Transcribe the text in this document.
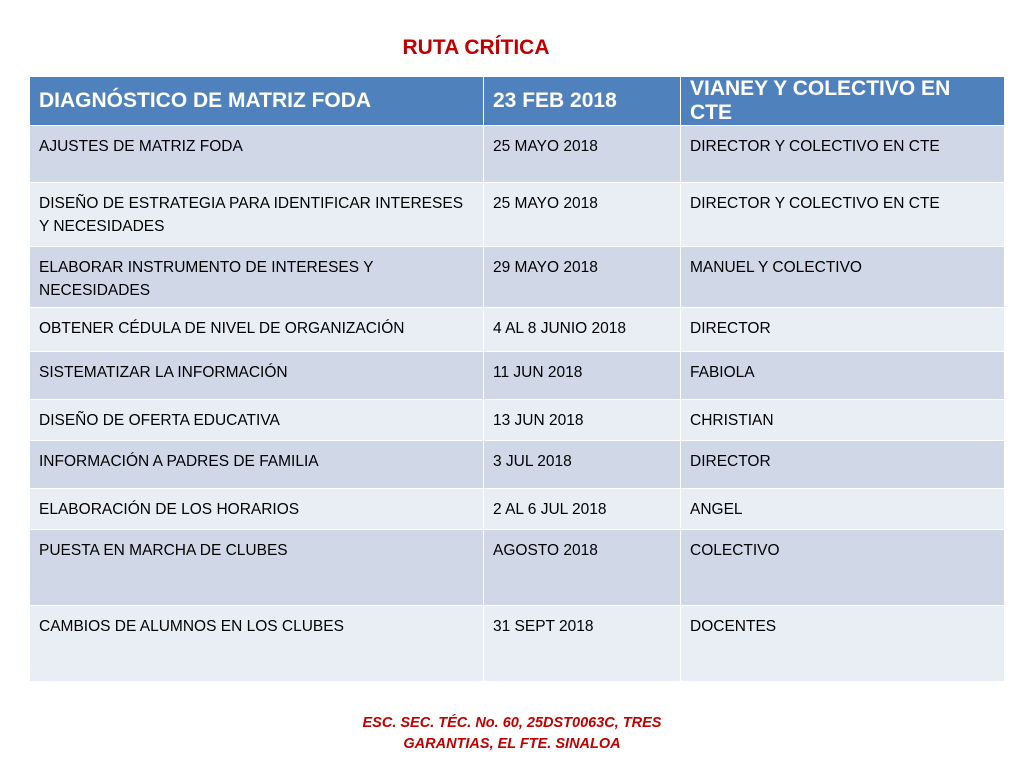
RUTA CRÍTICA
DIAGNÓSTICO DE MATRIZ FODA	23 FEB 2018	VIANEY Y COLECTIVO EN CTE
AJUSTES DE MATRIZ FODA	25 MAYO 2018	DIRECTOR Y COLECTIVO EN CTE
DISEÑO DE ESTRATEGIA PARA IDENTIFICAR INTERESES Y NECESIDADES	25 MAYO 2018	DIRECTOR Y COLECTIVO EN CTE
ELABORAR INSTRUMENTO DE INTERESES Y NECESIDADES	29 MAYO 2018	MANUEL Y COLECTIVO
OBTENER CÉDULA DE NIVEL DE ORGANIZACIÓN	4 AL 8 JUNIO 2018	DIRECTOR
SISTEMATIZAR LA INFORMACIÓN	11 JUN 2018	FABIOLA
DISEÑO DE OFERTA EDUCATIVA	13 JUN 2018	CHRISTIAN
INFORMACIÓN A PADRES DE FAMILIA	3 JUL 2018	DIRECTOR
ELABORACIÓN DE LOS HORARIOS	2 AL 6 JUL 2018	ANGEL
PUESTA EN MARCHA DE CLUBES	AGOSTO 2018	COLECTIVO
CAMBIOS DE ALUMNOS EN LOS CLUBES	31 SEPT 2018	DOCENTES
ESC. SEC. TÉC. No. 60, 25DST0063C, TRES
GARANTIAS, EL FTE. SINALOA
